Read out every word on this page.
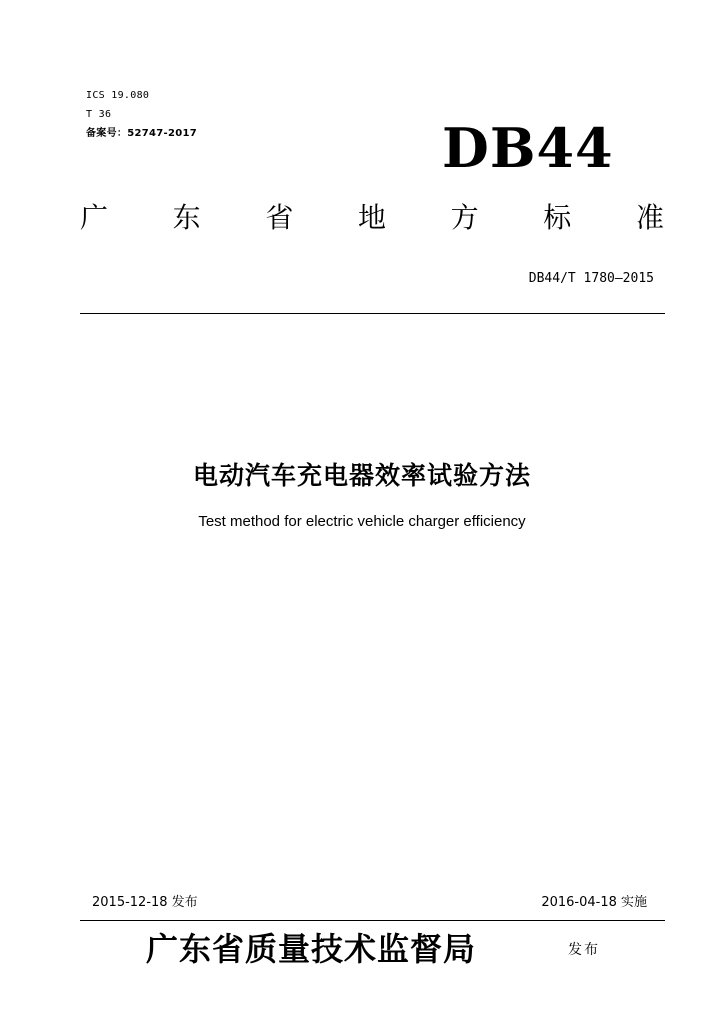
ICS 19.080
T 36
备案号：52747-2017	DB44
广 东 省 地 方 标 准
DB44/T 1780—2015
电动汽车充电器效率试验方法
Test method for electric vehicle charger efficiency
2015-12-18 发布	2016-04-18 实施
广东省质量技术监督局	发布
